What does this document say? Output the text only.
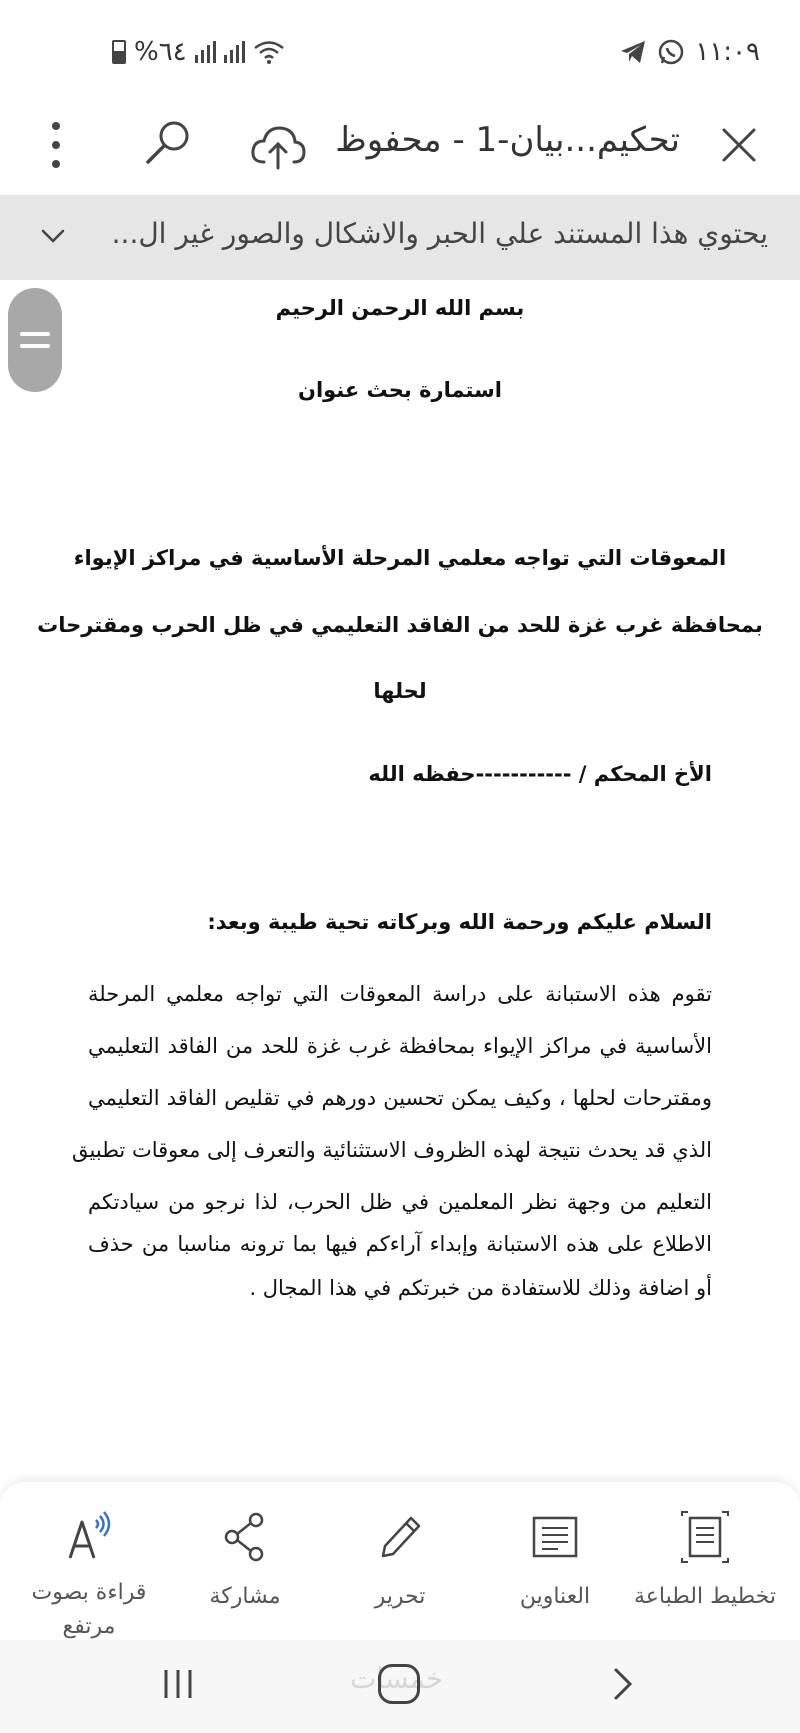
%٦٤	١١:٠٩
تحكيم...بيان-1 - محفوظ
يحتوي هذا المستند علي الحبر والاشكال والصور غير ال...
بسم الله الرحمن الرحيم
استمارة بحث عنوان
المعوقات التي تواجه معلمي المرحلة الأساسية في مراكز الإيواء
بمحافظة غرب غزة للحد من الفاقد التعليمي في ظل الحرب ومقترحات
لحلها
الأخ المحكم / -----------حفظه الله
السلام عليكم ورحمة الله وبركاته تحية طيبة وبعد:
تقوم هذه الاستبانة على دراسة المعوقات التي تواجه معلمي المرحلة
الأساسية في مراكز الإيواء بمحافظة غرب غزة للحد من الفاقد التعليمي
ومقترحات لحلها ، وكيف يمكن تحسين دورهم في تقليص الفاقد التعليمي
الذي قد يحدث نتيجة لهذه الظروف الاستثنائية والتعرف إلى معوقات تطبيق
التعليم من وجهة نظر المعلمين في ظل الحرب، لذا نرجو من سيادتكم
الاطلاع على هذه الاستبانة وإبداء آراءكم فيها بما ترونه مناسبا من حذف
أو اضافة وذلك للاستفادة من خبرتكم في هذا المجال .
تخطيط الطباعة
العناوين
تحرير
مشاركة
قراءة بصوت مرتفع
خمسات
